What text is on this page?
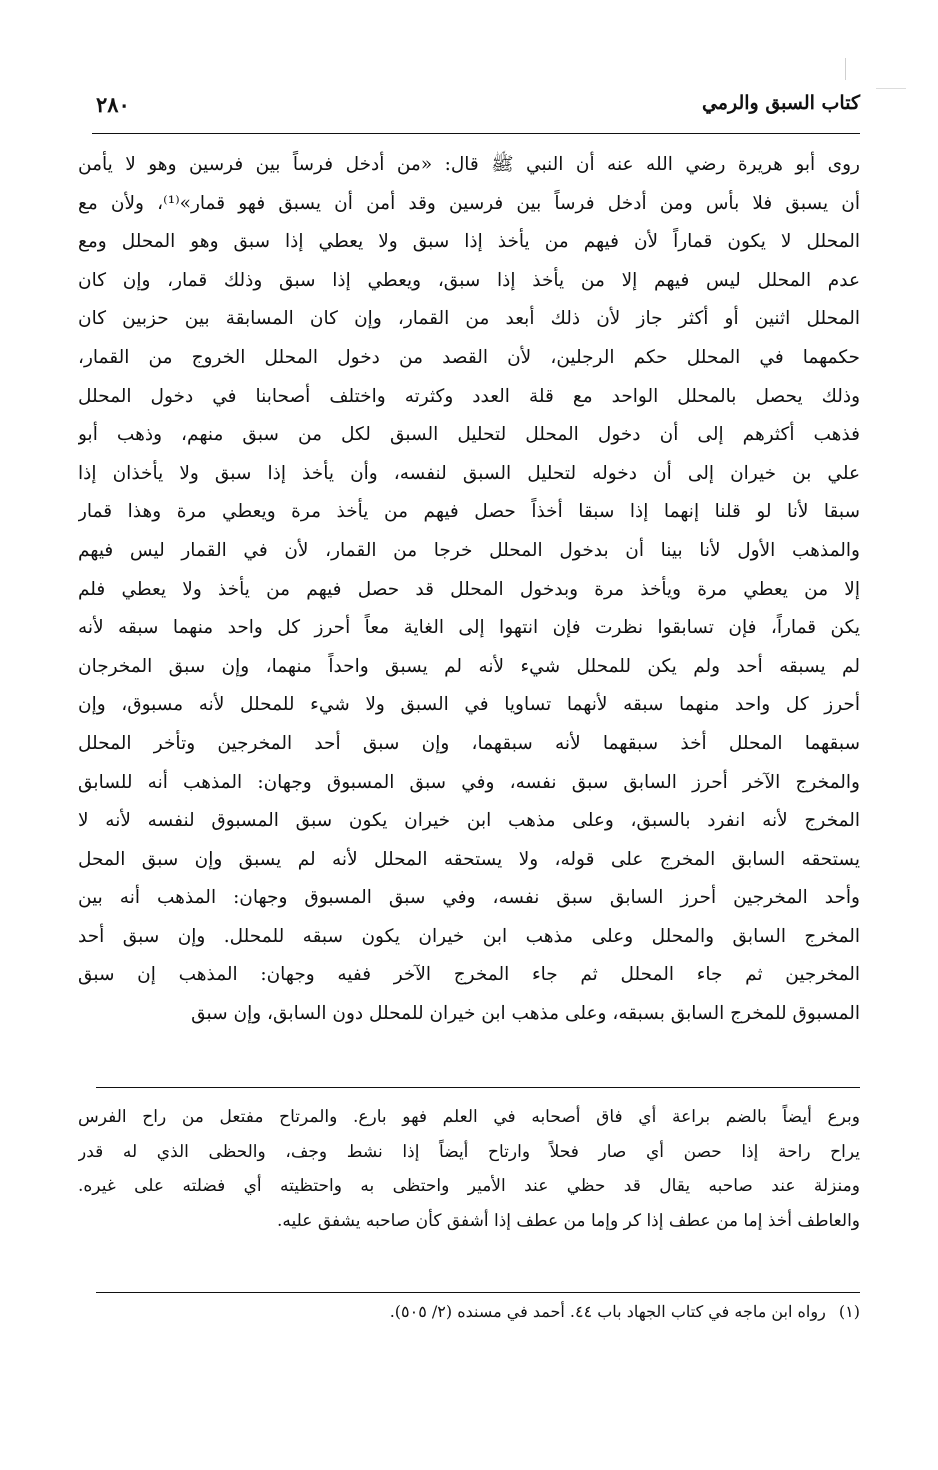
٢٨٠	كتاب السبق والرمي
روى أبو هريرة رضي الله عنه أن النبي ﷺ قال: «من أدخل فرساً بين فرسين وهو لا يأمن
أن يسبق فلا بأس ومن أدخل فرساً بين فرسين وقد أمن أن يسبق فهو قمار»⁽¹⁾، ولأن مع
المحلل لا يكون قماراً لأن فيهم من يأخذ إذا سبق ولا يعطي إذا سبق وهو المحلل ومع
عدم المحلل ليس فيهم إلا من يأخذ إذا سبق، ويعطي إذا سبق وذلك قمار، وإن كان
المحلل اثنين أو أكثر جاز لأن ذلك أبعد من القمار، وإن كان المسابقة بين حزبين كان
حكمهما في المحلل حكم الرجلين، لأن القصد من دخول المحلل الخروج من القمار،
وذلك يحصل بالمحلل الواحد مع قلة العدد وكثرته واختلف أصحابنا في دخول المحلل
فذهب أكثرهم إلى أن دخول المحلل لتحليل السبق لكل من سبق منهم، وذهب أبو
علي بن خيران إلى أن دخوله لتحليل السبق لنفسه، وأن يأخذ إذا سبق ولا يأخذان إذا
سبقا لأنا لو قلنا إنهما إذا سبقا أخذاً حصل فيهم من يأخذ مرة ويعطي مرة وهذا قمار
والمذهب الأول لأنا بينا أن بدخول المحلل خرجا من القمار، لأن في القمار ليس فيهم
إلا من يعطي مرة ويأخذ مرة وبدخول المحلل قد حصل فيهم من يأخذ ولا يعطي فلم
يكن قماراً، فإن تسابقوا نظرت فإن انتهوا إلى الغاية معاً أحرز كل واحد منهما سبقه لأنه
لم يسبقه أحد ولم يكن للمحلل شيء لأنه لم يسبق واحداً منهما، وإن سبق المخرجان
أحرز كل واحد منهما سبقه لأنهما تساويا في السبق ولا شيء للمحلل لأنه مسبوق، وإن
سبقهما المحلل أخذ سبقهما لأنه سبقهما، وإن سبق أحد المخرجين وتأخر المحلل
والمخرج الآخر أحرز السابق سبق نفسه، وفي سبق المسبوق وجهان: المذهب أنه للسابق
المخرج لأنه انفرد بالسبق، وعلى مذهب ابن خيران يكون سبق المسبوق لنفسه لأنه لا
يستحقه السابق المخرج على قوله، ولا يستحقه المحلل لأنه لم يسبق وإن سبق المحل
وأحد المخرجين أحرز السابق سبق نفسه، وفي سبق المسبوق وجهان: المذهب أنه بين
المخرج السابق والمحلل وعلى مذهب ابن خيران يكون سبقه للمحلل. وإن سبق أحد
المخرجين ثم جاء المحلل ثم جاء المخرج الآخر ففيه وجهان: المذهب إن سبق
المسبوق للمخرج السابق بسبقه، وعلى مذهب ابن خيران للمحلل دون السابق، وإن سبق
وبرع أيضاً بالضم براعة أي فاق أصحابه في العلم فهو بارع. والمرتاح مفتعل من راح الفرس
يراح راحة إذا حصن أي صار فحلاً وارتاح أيضاً إذا نشط وجف، والحظى الذي له قدر
ومنزلة عند صاحبه يقال قد حظي عند الأمير واحتظى به واحتظيته أي فضلته على غيره.
والعاطف أخذ إما من عطف إذا كر وإما من عطف إذا أشفق كأن صاحبه يشفق عليه.
(١) رواه ابن ماجه في كتاب الجهاد باب ٤٤. أحمد في مسنده (٢/ ٥٠٥).
